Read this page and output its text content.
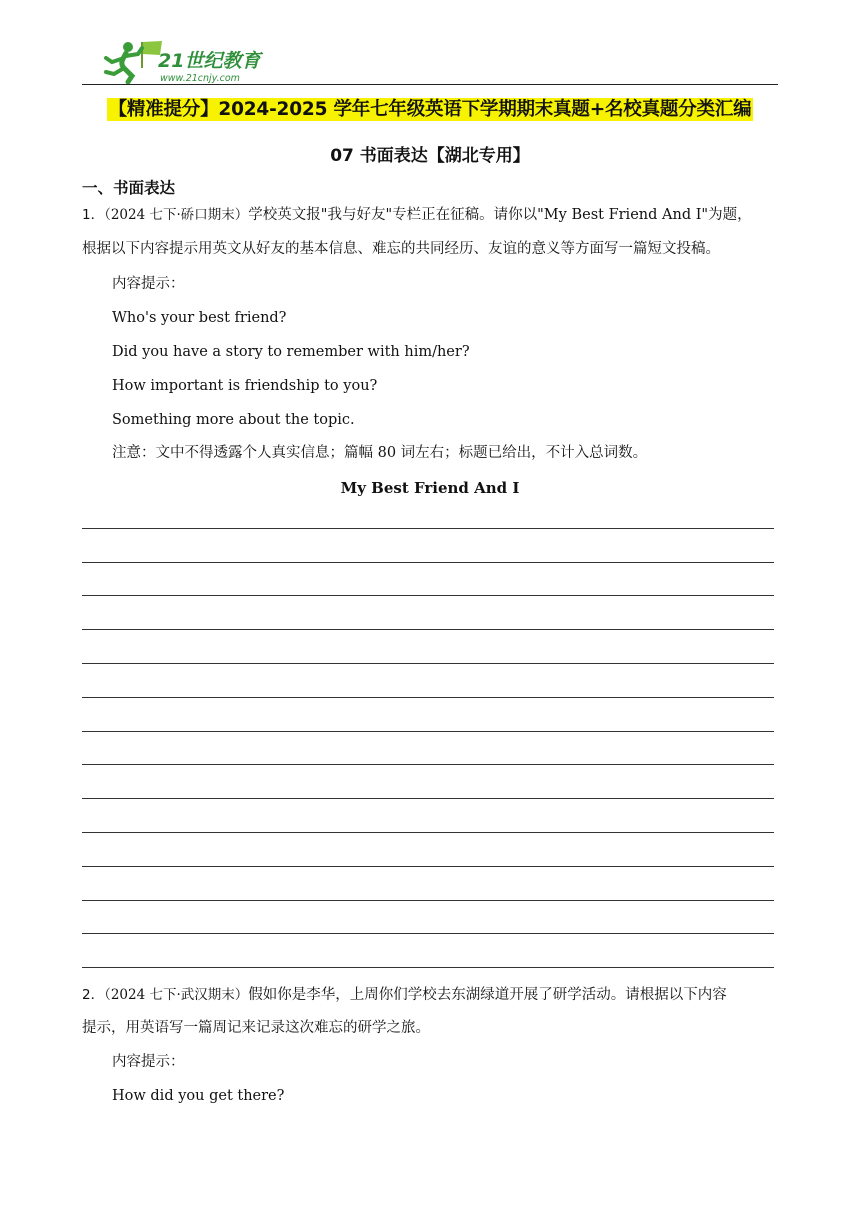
21世纪教育
www.21cnjy.com
【精准提分】2024-2025 学年七年级英语下学期期末真题+名校真题分类汇编
07 书面表达【湖北专用】
一、书面表达
1．（2024 七下·硚口期末）学校英文报"我与好友"专栏正在征稿。请你以"My Best Friend And I"为题，
根据以下内容提示用英文从好友的基本信息、难忘的共同经历、友谊的意义等方面写一篇短文投稿。
内容提示：
Who's your best friend?
Did you have a story to remember with him/her?
How important is friendship to you?
Something more about the topic.
注意：文中不得透露个人真实信息；篇幅 80 词左右；标题已给出，不计入总词数。
My Best Friend And I
2．（2024 七下·武汉期末）假如你是李华，上周你们学校去东湖绿道开展了研学活动。请根据以下内容
提示，用英语写一篇周记来记录这次难忘的研学之旅。
内容提示：
How did you get there?
